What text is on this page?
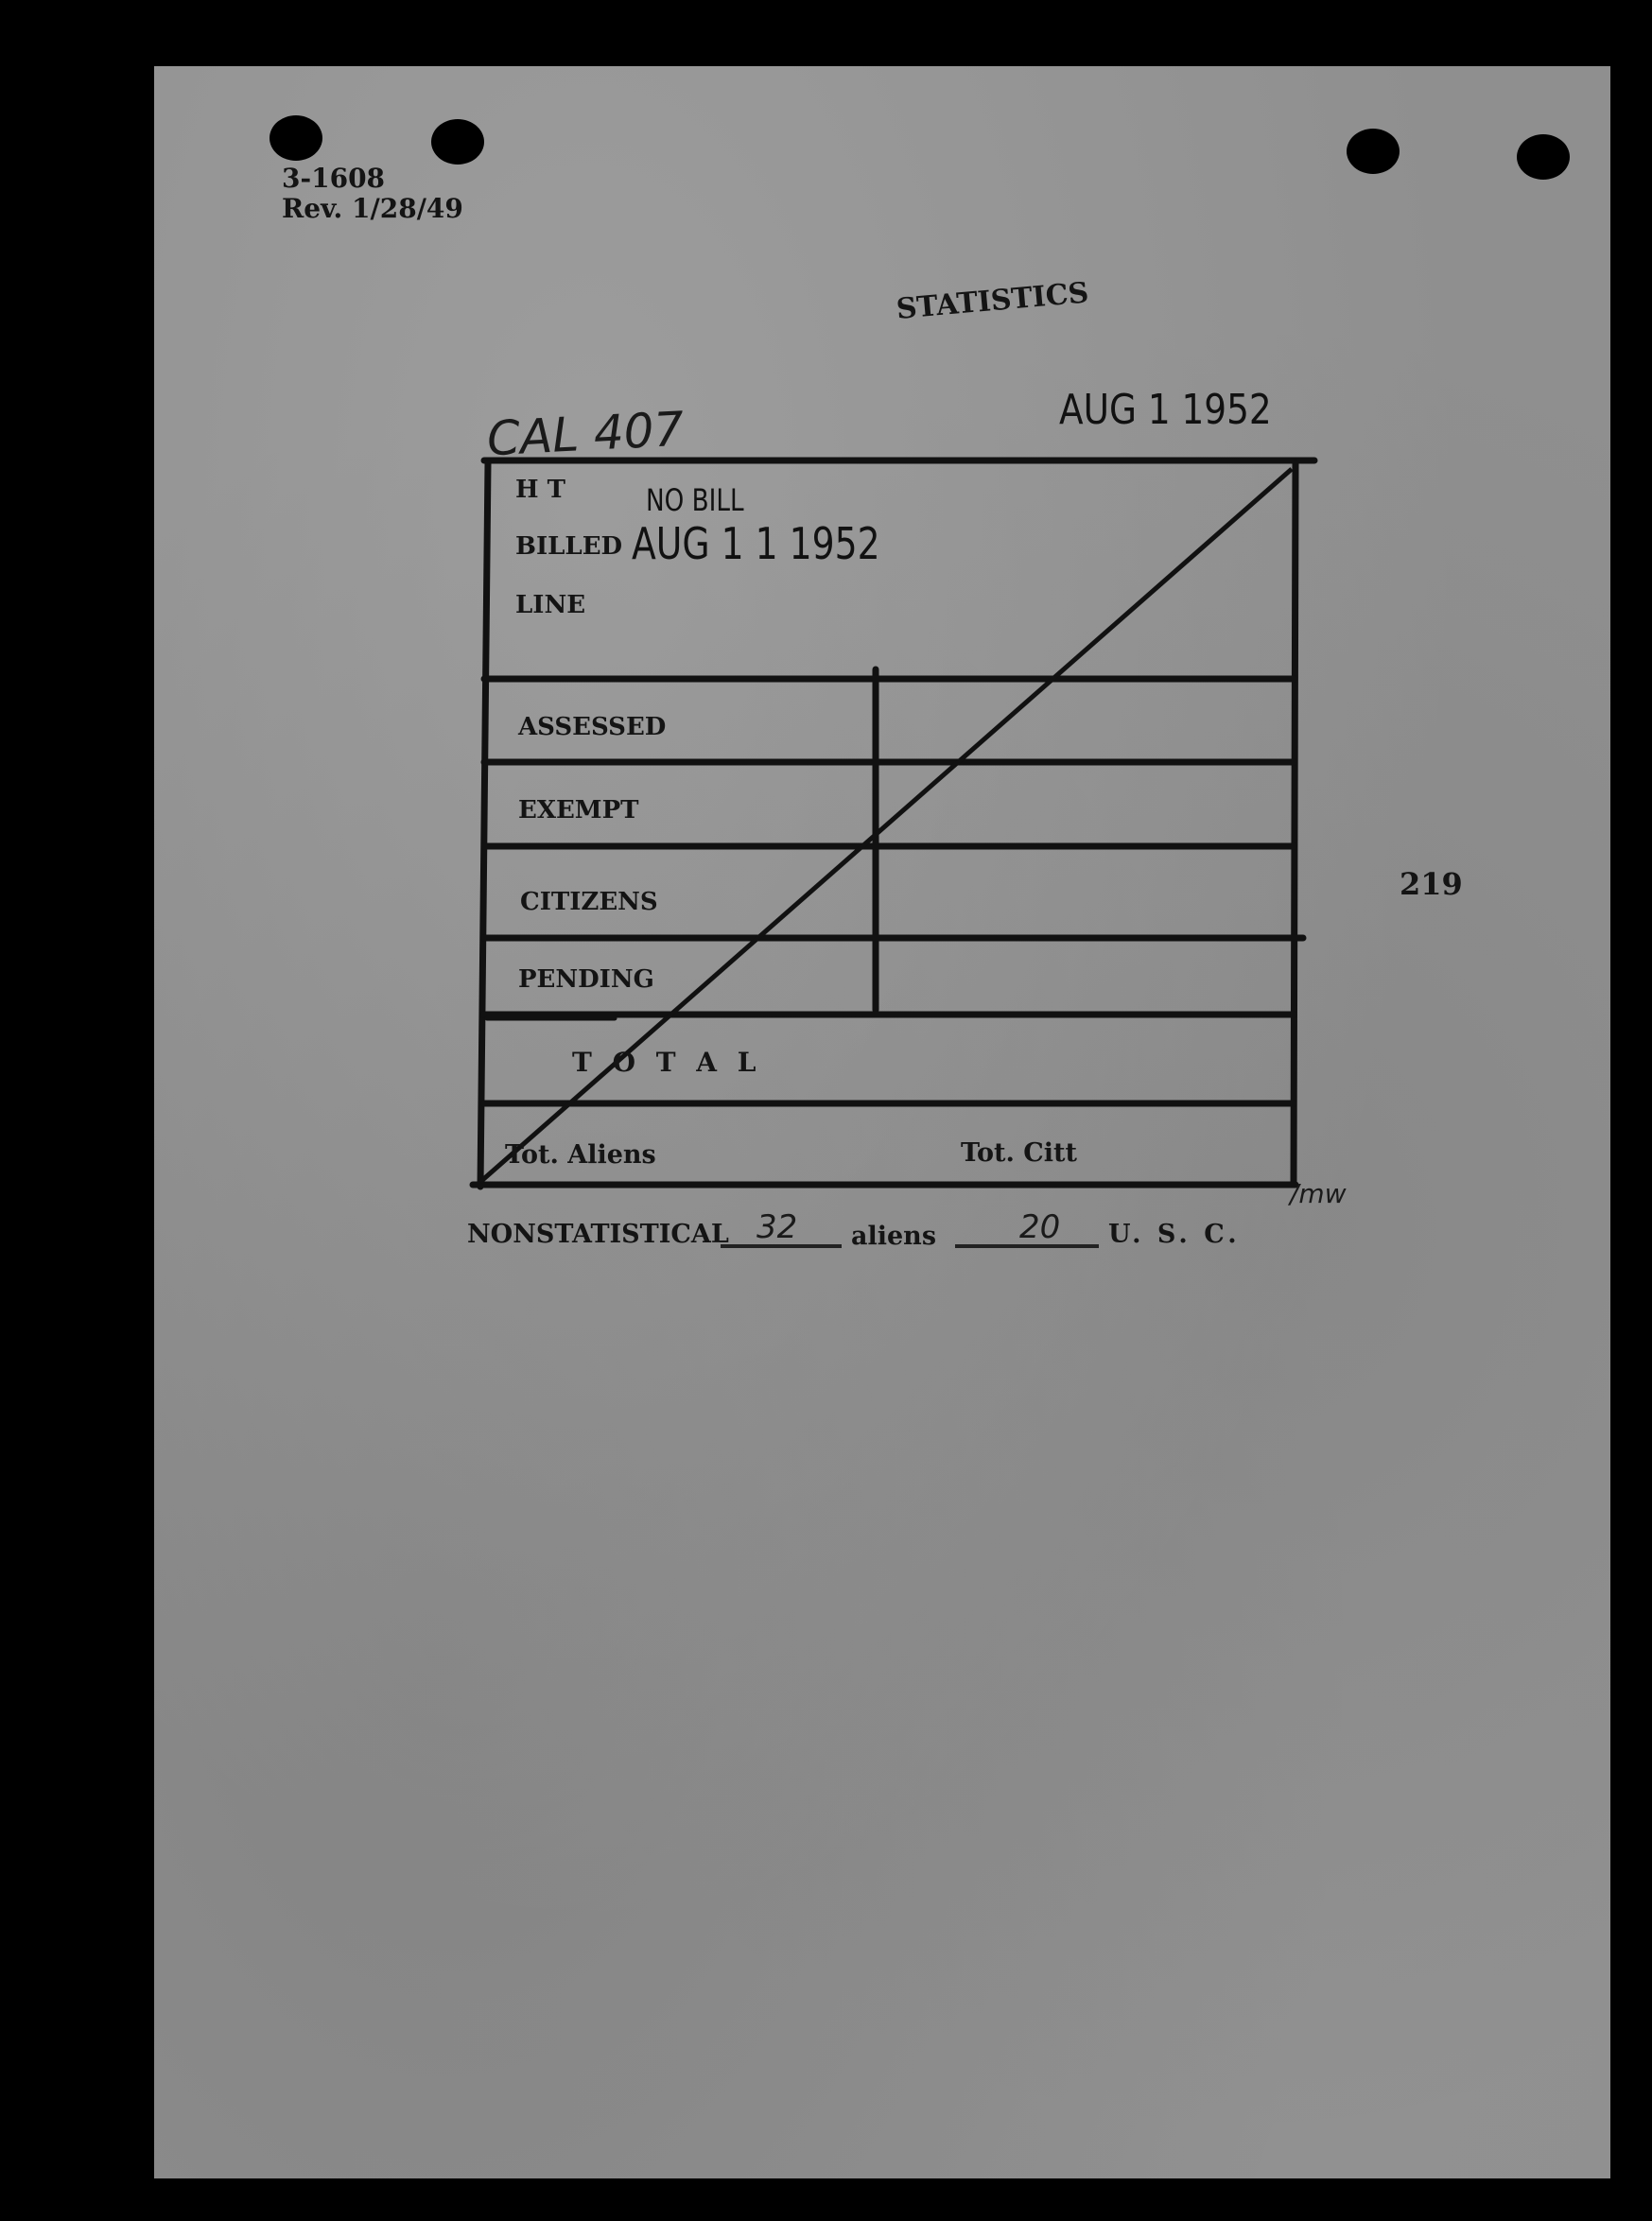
3-1608
Rev. 1/28/49
STATISTICS
CAL 407	AUG 1 1952
H T	NO BILL
BILLED AUG 1 1 1952
LINE
ASSESSED
EXEMPT
CITIZENS
PENDING
T O T A L
Tot. Aliens	Tot. Citt
/mw
219
NONSTATISTICAL 32 aliens	20 U. S. C.
